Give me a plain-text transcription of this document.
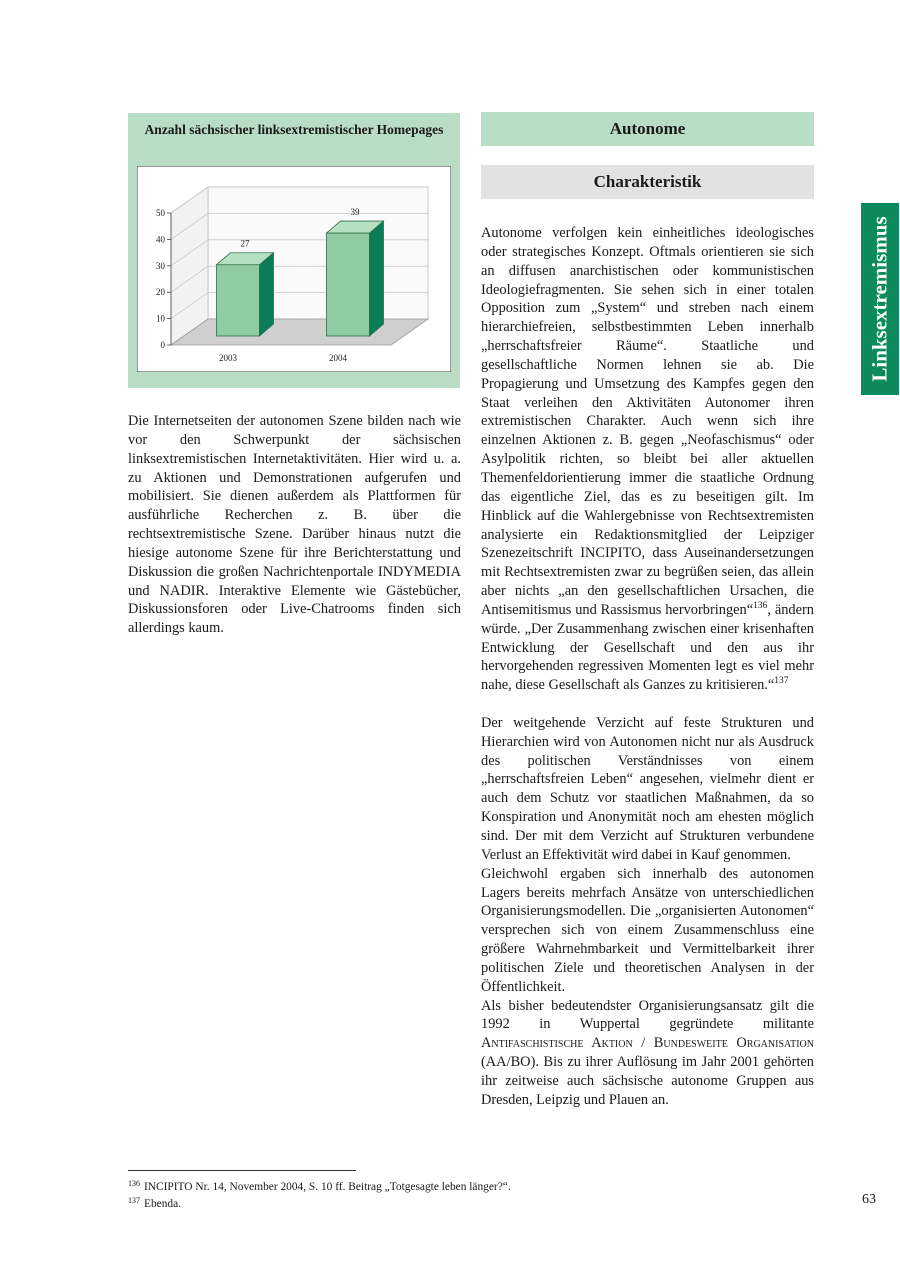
Anzahl sächsischer linksextremistischer Homepages
0
10
20
30
40
50
27
2003
39
2004
Autonome
Charakteristik

Die Internetseiten der autonomen Szene bilden nach wie vor den Schwerpunkt der sächsischen linksextremistischen Internetaktivitäten. Hier wird u. a. zu Aktionen und Demonstrationen aufgerufen und mobilisiert. Sie dienen außerdem als Plattformen für ausführliche Recherchen z. B. über die rechtsextremistische Szene. Darüber hinaus nutzt die hiesige autonome Szene für ihre Berichterstattung und Diskussion die großen Nachrichtenportale INDYMEDIA und NADIR. Interaktive Elemente wie Gästebücher, Diskussionsforen oder Live-Chatrooms finden sich allerdings kaum.

Autonome verfolgen kein einheitliches ideologisches oder strategisches Konzept. Oftmals orientieren sie sich an diffusen anarchistischen oder kommunistischen Ideologiefragmenten. Sie sehen sich in einer totalen Opposition zum „System“ und streben nach einem hierarchiefreien, selbstbestimmten Leben innerhalb „herrschaftsfreier Räume“. Staatliche und gesellschaftliche Normen lehnen sie ab. Die Propagierung und Umsetzung des Kampfes gegen den Staat verleihen den Aktivitäten Autonomer ihren extremistischen Charakter. Auch wenn sich ihre einzelnen Aktionen z. B. gegen „Neofaschismus“ oder Asylpolitik richten, so bleibt bei aller aktuellen Themenfeldorientierung immer die staatliche Ordnung das eigentliche Ziel, das es zu beseitigen gilt. Im Hinblick auf die Wahlergebnisse von Rechtsextremisten analysierte ein Redaktionsmitglied der Leipziger Szenezeitschrift INCIPITO, dass Auseinandersetzungen mit Rechtsextremisten zwar zu begrüßen seien, das allein aber nichts „an den gesellschaftlichen Ursachen, die Antisemitismus und Rassismus hervorbringen“$^{136}$, ändern würde. „Der Zusammenhang zwischen einer krisenhaften Entwicklung der Gesellschaft und den aus ihr hervorgehenden regressiven Momenten legt es viel mehr nahe, diese Gesellschaft als Ganzes zu kritisieren.“$^{137}$

Der weitgehende Verzicht auf feste Strukturen und Hierarchien wird von Autonomen nicht nur als Ausdruck des politischen Verständnisses von einem „herrschaftsfreien Leben“ angesehen, vielmehr dient er auch dem Schutz vor staatlichen Maßnahmen, da so Konspiration und Anonymität noch am ehesten möglich sind. Der mit dem Verzicht auf Strukturen verbundene Verlust an Effektivität wird dabei in Kauf genommen.

Gleichwohl ergaben sich innerhalb des autonomen Lagers bereits mehrfach Ansätze von unterschiedlichen Organisierungsmodellen. Die „organisierten Autonomen“ versprechen sich von einem Zusammenschluss eine größere Wahrnehmbarkeit und Vermittelbarkeit ihrer politischen Ziele und theoretischen Analysen in der Öffentlichkeit.

Als bisher bedeutendster Organisierungsansatz gilt die 1992 in Wuppertal gegründete militante Antifaschistische Aktion / Bundesweite Organisation (AA/BO). Bis zu ihrer Auflösung im Jahr 2001 gehörten ihr zeitweise auch sächsische autonome Gruppen aus Dresden, Leipzig und Plauen an.

Linksextremismus
$^{136}$ INCIPITO Nr. 14, November 2004, S. 10 ff. Beitrag „Totgesagte leben länger?“.
$^{137}$ Ebenda.	63
